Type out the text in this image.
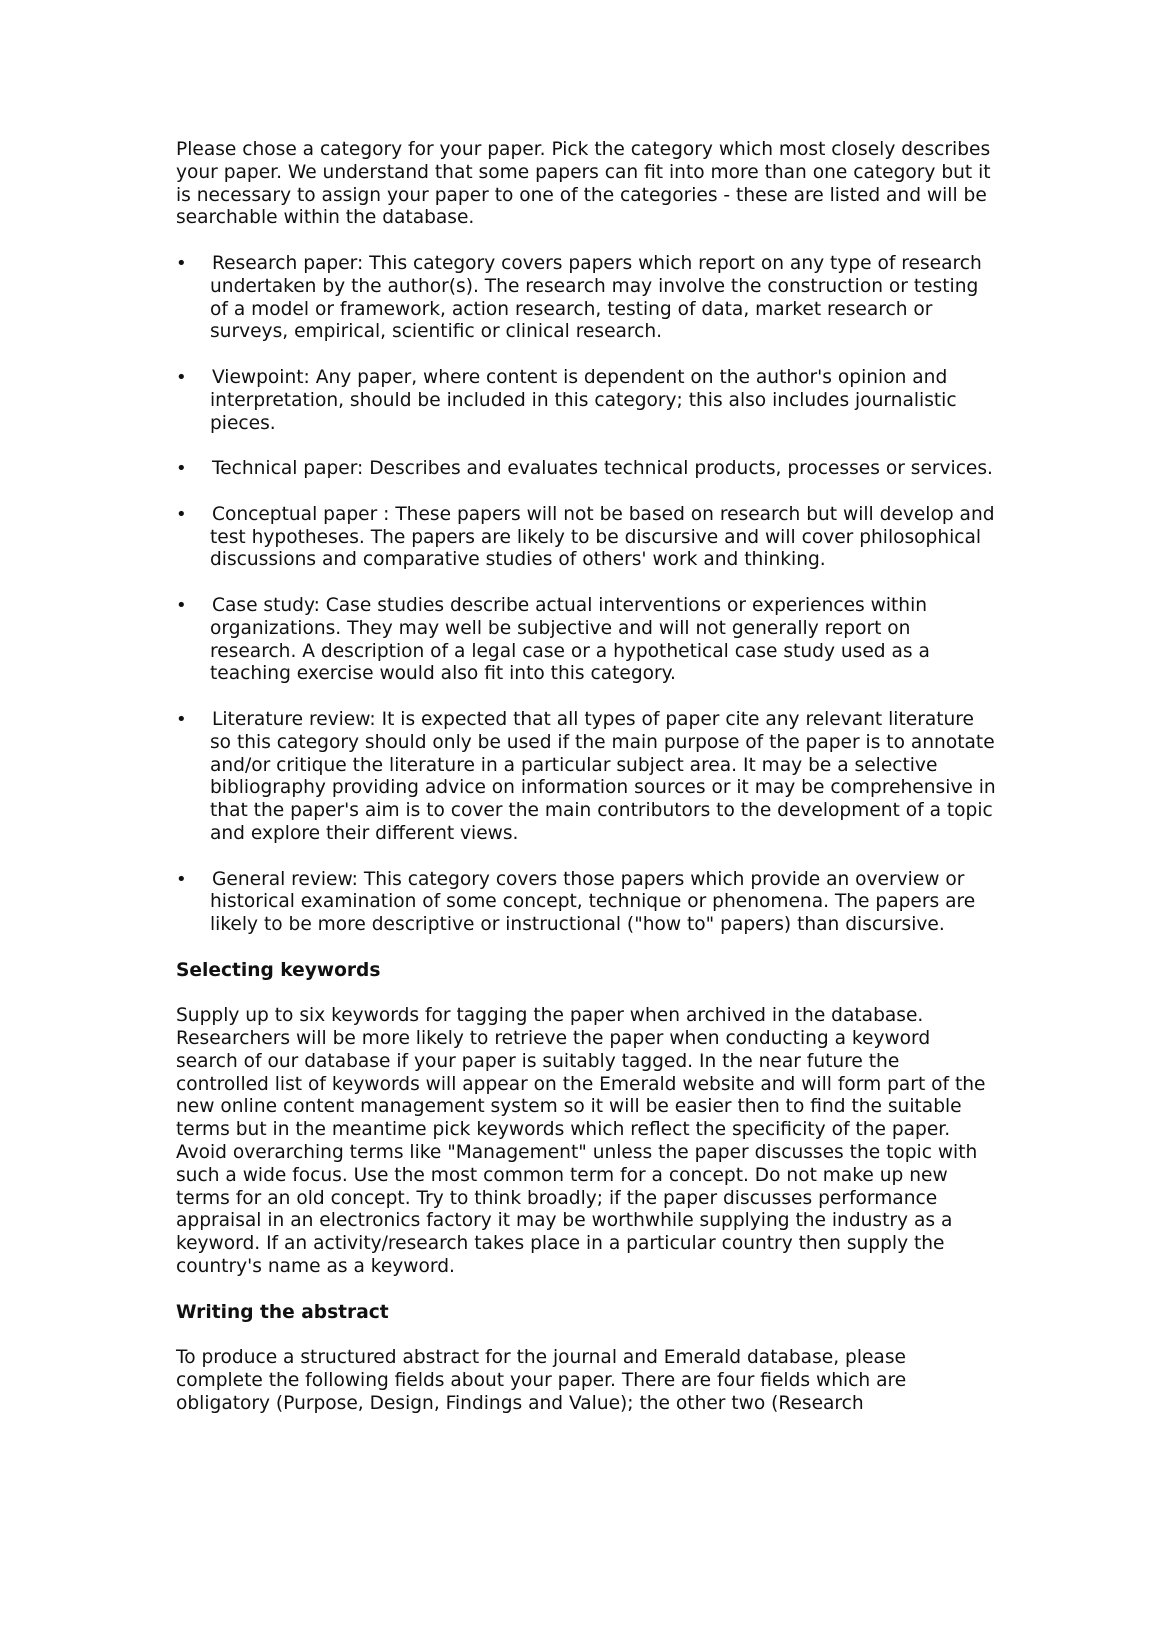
Please chose a category for your paper. Pick the category which most closely describes your paper. We understand that some papers can fit into more than one category but it is necessary to assign your paper to one of the categories - these are listed and will be searchable within the database.

•	Research paper: This category covers papers which report on any type of research undertaken by the author(s). The research may involve the construction or testing of a model or framework, action research, testing of data, market research or surveys, empirical, scientific or clinical research.
•	Viewpoint: Any paper, where content is dependent on the author's opinion and interpretation, should be included in this category; this also includes journalistic pieces.
•	Technical paper: Describes and evaluates technical products, processes or services.
•	Conceptual paper : These papers will not be based on research but will develop and test hypotheses. The papers are likely to be discursive and will cover philosophical discussions and comparative studies of others' work and thinking.
•	Case study: Case studies describe actual interventions or experiences within organizations. They may well be subjective and will not generally report on research. A description of a legal case or a hypothetical case study used as a teaching exercise would also fit into this category.
•	Literature review: It is expected that all types of paper cite any relevant literature so this category should only be used if the main purpose of the paper is to annotate and/or critique the literature in a particular subject area. It may be a selective bibliography providing advice on information sources or it may be comprehensive in that the paper's aim is to cover the main contributors to the development of a topic and explore their different views.
•	General review: This category covers those papers which provide an overview or historical examination of some concept, technique or phenomena. The papers are likely to be more descriptive or instructional ("how to" papers) than discursive.
Selecting keywords

Supply up to six keywords for tagging the paper when archived in the database. Researchers will be more likely to retrieve the paper when conducting a keyword search of our database if your paper is suitably tagged. In the near future the controlled list of keywords will appear on the Emerald website and will form part of the new online content management system so it will be easier then to find the suitable terms but in the meantime pick keywords which reflect the specificity of the paper. Avoid overarching terms like "Management" unless the paper discusses the topic with such a wide focus. Use the most common term for a concept. Do not make up new terms for an old concept. Try to think broadly; if the paper discusses performance appraisal in an electronics factory it may be worthwhile supplying the industry as a keyword. If an activity/research takes place in a particular country then supply the country's name as a keyword.

Writing the abstract

To produce a structured abstract for the journal and Emerald database, please complete the following fields about your paper. There are four fields which are obligatory (Purpose, Design, Findings and Value); the other two (Research
